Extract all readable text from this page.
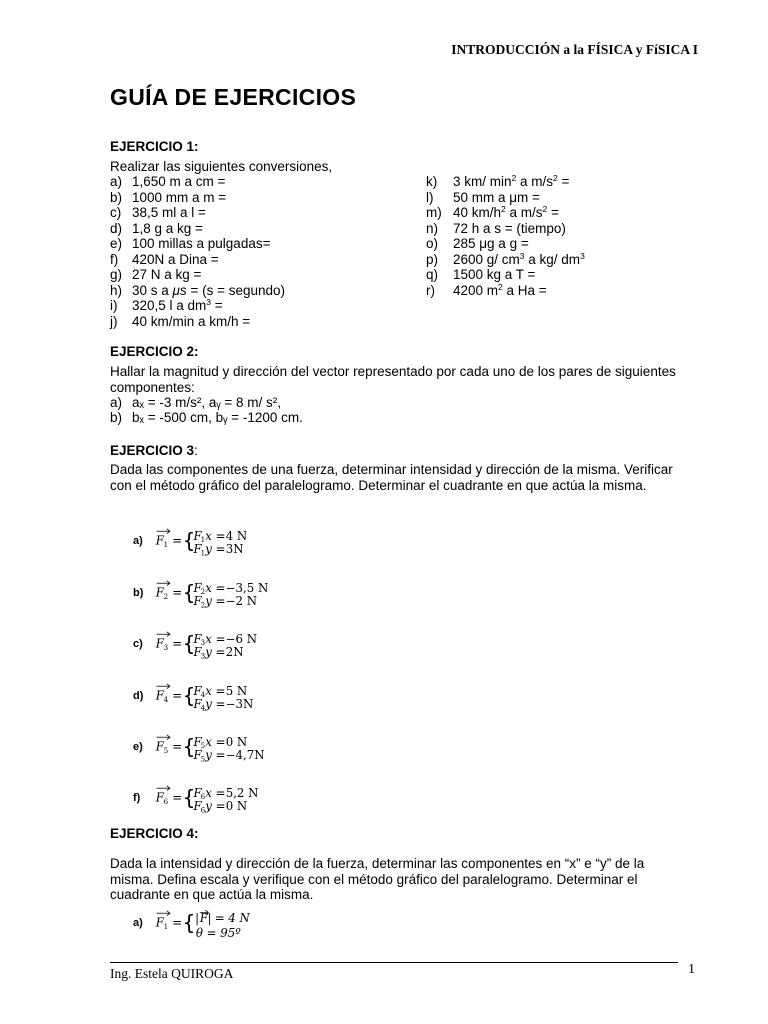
INTRODUCCIÓN a la FÍSICA y FíSICA I
GUÍA DE EJERCICIOS
EJERCICIO 1:
Realizar las siguientes conversiones,
a) 1,650 m a cm =
b) 1000 mm a m =
c) 38,5 ml a l =
d) 1,8 g a kg =
e) 100 millas a pulgadas=
f) 420N a Dina =
g) 27 N a kg =
h) 30 s a μs = (s = segundo)
i) 320,5 l a $dm^3$ =
j) 40 km/min a km/h =
k) 3 km/ $\min^2 a$ $m/s^2$ =
l) 50 mm a μm =
m) 40 $km/h^2$ a $m/s^2$ =
n) 72 h a s = (tiempo)
o) 285 μg a g =
p) 2600 g/ $cm^3$ a kg/ $dm^3$
q) 1500 kg a T =
r) 4200 $m^2$ a Ha =
EJERCICIO 2:
Hallar la magnitud y dirección del vector representado por cada uno de los pares de siguientes componentes:
a) aₓ = -3 m/s², aᵧ = 8 m/ s²,
b) bₓ = -500 cm, bᵧ = -1200 cm.
EJERCICIO 3:
Dada las componentes de una fuerza, determinar intensidad y dirección de la misma. Verificar con el método gráfico del paralelogramo. Determinar el cuadrante en que actúa la misma.
a) F 1 = {
F
1 x = 4 N
F
1 y = 3N
b) F 2 = {
F
2 x = −3,5 N
F
2 y = −2 N
c) F 3 = {
F
3 x = −6 N
F
3 y = 2N
d) F 4 = {
F
4 x = 5 N
F
4 y = −3N
e) F 5 = {
F
5 x = 0 N
F
5 y = −4,7N
f) F 6 = {
F
6 x = 5,2 N
F
6 y = 0 N
EJERCICIO 4:
Dada la intensidad y dirección de la fuerza, determinar las componentes en “x” e “y” de la misma. Defina escala y verifique con el método gráfico del paralelogramo. Determinar el cuadrante en que actúa la misma.
a) F 1 = { | F | = 4 N
θ = 95º
Ing. Estela QUIROGA	1
